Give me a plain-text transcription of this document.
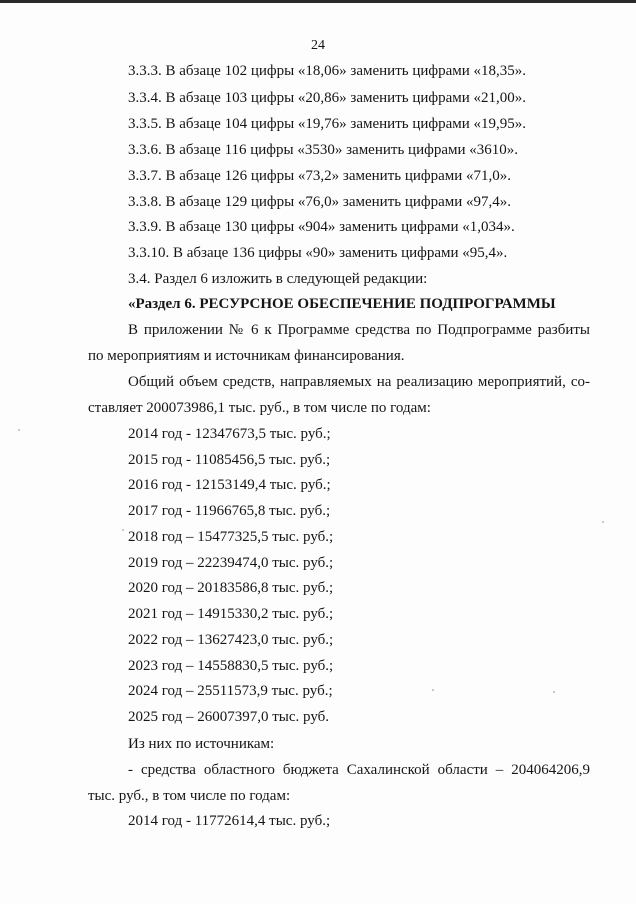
24
3.3.3. В абзаце 102 цифры «18,06» заменить цифрами «18,35».
3.3.4. В абзаце 103 цифры «20,86» заменить цифрами «21,00».
3.3.5. В абзаце 104 цифры «19,76» заменить цифрами «19,95».
3.3.6. В абзаце 116 цифры «3530» заменить цифрами «3610».
3.3.7. В абзаце 126 цифры «73,2» заменить цифрами «71,0».
3.3.8. В абзаце 129 цифры «76,0» заменить цифрами «97,4».
3.3.9. В абзаце 130 цифры «904» заменить цифрами «1,034».
3.3.10. В абзаце 136 цифры «90» заменить цифрами «95,4».
3.4. Раздел 6 изложить в следующей редакции:
«Раздел 6. РЕСУРСНОЕ ОБЕСПЕЧЕНИЕ ПОДПРОГРАММЫ
В приложении № 6 к Программе средства по Подпрограмме разбиты
по мероприятиям и источникам финансирования.
Общий объем средств, направляемых на реализацию мероприятий, со-
ставляет 200073986,1 тыс. руб., в том числе по годам:
2014 год - 12347673,5 тыс. руб.;
2015 год - 11085456,5 тыс. руб.;
2016 год - 12153149,4 тыс. руб.;
2017 год - 11966765,8 тыс. руб.;
2018 год – 15477325,5 тыс. руб.;
2019 год – 22239474,0 тыс. руб.;
2020 год – 20183586,8 тыс. руб.;
2021 год – 14915330,2 тыс. руб.;
2022 год – 13627423,0 тыс. руб.;
2023 год – 14558830,5 тыс. руб.;
2024 год – 25511573,9 тыс. руб.;
2025 год – 26007397,0 тыс. руб.
Из них по источникам:
- средства областного бюджета Сахалинской области – 204064206,9
тыс. руб., в том числе по годам:
2014 год - 11772614,4 тыс. руб.;
